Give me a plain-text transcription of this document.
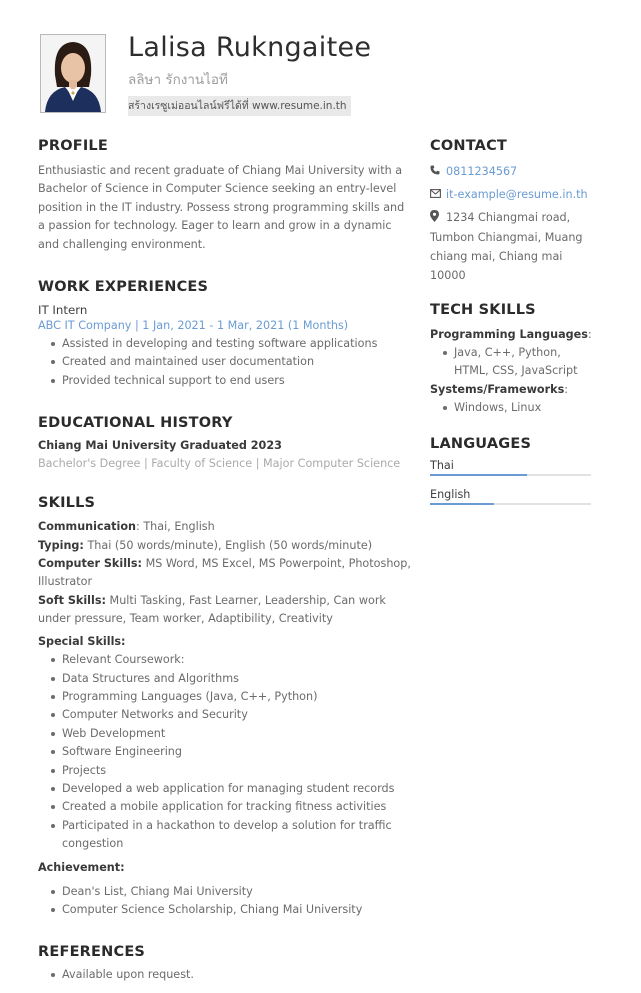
Lalisa Rukngaitee
ลลิษา รักงานไอที
สร้างเรซูเม่ออนไลน์ฟรีได้ที่ www.resume.in.th
PROFILE

Enthusiastic and recent graduate of Chiang Mai University with a Bachelor of Science in Computer Science seeking an entry-level position in the IT industry. Possess strong programming skills and a passion for technology. Eager to learn and grow in a dynamic and challenging environment.

WORK EXPERIENCES
IT Intern
ABC IT Company | 1 Jan, 2021 - 1 Mar, 2021 (1 Months)
Assisted in developing and testing software applications
Created and maintained user documentation
Provided technical support to end users
EDUCATIONAL HISTORY
Chiang Mai University Graduated 2023
Bachelor's Degree | Faculty of Science | Major Computer Science
SKILLS

Communication: Thai, English

Typing: Thai (50 words/minute), English (50 words/minute)

Computer Skills: MS Word, MS Excel, MS Powerpoint, Photoshop, Illustrator

Soft Skills: Multi Tasking, Fast Learner, Leadership, Can work under pressure, Team worker, Adaptibility, Creativity

Special Skills:
Relevant Coursework:
Data Structures and Algorithms
Programming Languages (Java, C++, Python)
Computer Networks and Security
Web Development
Software Engineering
Projects
Developed a web application for managing student records
Created a mobile application for tracking fitness activities
Participated in a hackathon to develop a solution for traffic congestion
Achievement:
Dean's List, Chiang Mai University
Computer Science Scholarship, Chiang Mai University
REFERENCES
Available upon request.
CONTACT
0811234567
it-example@resume.in.th
1234 Chiangmai road, Tumbon Chiangmai, Muang chiang mai, Chiang mai 10000
TECH SKILLS
Programming Languages:
Java, C++, Python, HTML, CSS, JavaScript
Systems/Frameworks:
Windows, Linux
LANGUAGES
Thai
English
